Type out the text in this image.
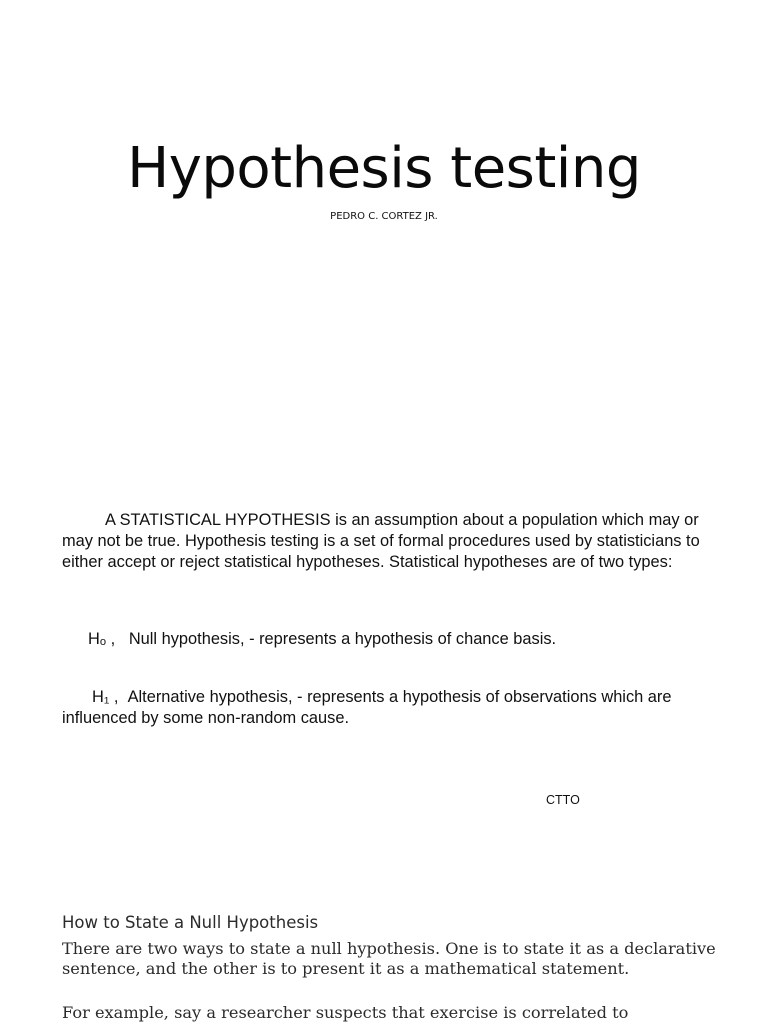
Hypothesis testing
PEDRO C. CORTEZ JR.
A STATISTICAL HYPOTHESIS is an assumption about a population which may or may not be true. Hypothesis testing is a set of formal procedures used by statisticians to either accept or reject statistical hypotheses. Statistical hypotheses are of two types:
Hₒ , Null hypothesis, - represents a hypothesis of chance basis.
H₁ , Alternative hypothesis, - represents a hypothesis of observations which are influenced by some non-random cause.
CTTO
How to State a Null Hypothesis
There are two ways to state a null hypothesis. One is to state it as a declarative sentence, and the other is to present it as a mathematical statement.
For example, say a researcher suspects that exercise is correlated to
